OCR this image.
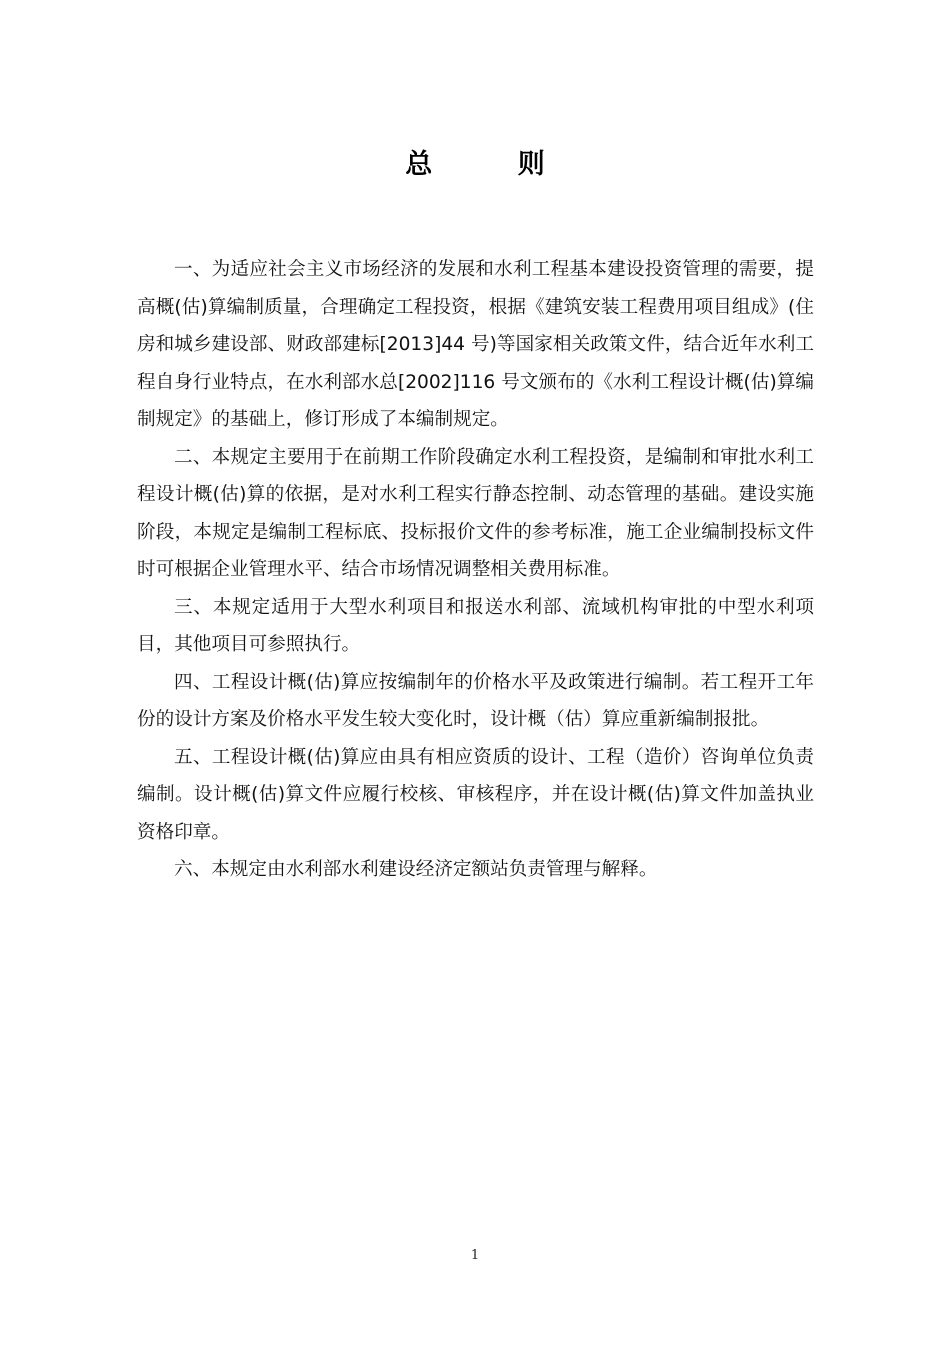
总 则

一、为适应社会主义市场经济的发展和水利工程基本建设投资管理的需要，提高概(估)算编制质量，合理确定工程投资，根据《建筑安装工程费用项目组成》(住房和城乡建设部、财政部建标[2013]44 号)等国家相关政策文件，结合近年水利工程自身行业特点，在水利部水总[2002]116 号文颁布的《水利工程设计概(估)算编制规定》的基础上，修订形成了本编制规定。

二、本规定主要用于在前期工作阶段确定水利工程投资，是编制和审批水利工程设计概(估)算的依据，是对水利工程实行静态控制、动态管理的基础。建设实施阶段，本规定是编制工程标底、投标报价文件的参考标准，施工企业编制投标文件时可根据企业管理水平、结合市场情况调整相关费用标准。

三、本规定适用于大型水利项目和报送水利部、流域机构审批的中型水利项目，其他项目可参照执行。

四、工程设计概(估)算应按编制年的价格水平及政策进行编制。若工程开工年份的设计方案及价格水平发生较大变化时，设计概（估）算应重新编制报批。

五、工程设计概(估)算应由具有相应资质的设计、工程（造价）咨询单位负责编制。设计概(估)算文件应履行校核、审核程序，并在设计概(估)算文件加盖执业资格印章。

六、本规定由水利部水利建设经济定额站负责管理与解释。

1
